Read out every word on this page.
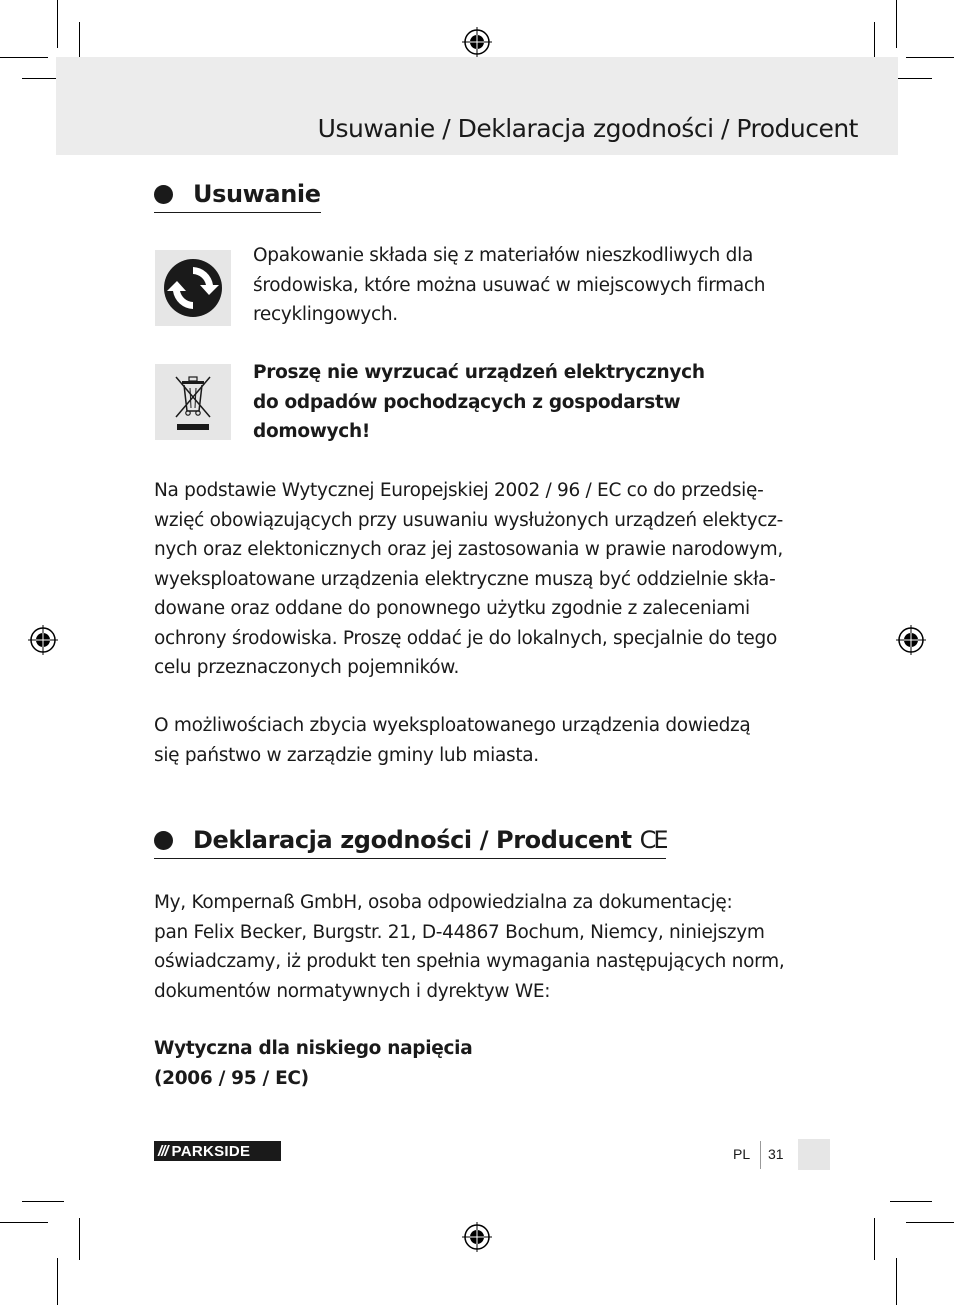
Usuwanie / Deklaracja zgodności / Producent
Usuwanie

Opakowanie składa się z materiałów nieszkodliwych dla
środowiska, które można usuwać w miejscowych firmach
recyklingowych.

Proszę nie wyrzucać urządzeń elektrycznych
do odpadów pochodzących z gospodarstw
domowych!

Na podstawie Wytycznej Europejskiej 2002 / 96 / EC co do przedsię-
wzięć obowiązujących przy usuwaniu wysłużonych urządzeń elektycz-
nych oraz elektonicznych oraz jej zastosowania w prawie narodowym,
wyeksploatowane urządzenia elektryczne muszą być oddzielnie skła-
dowane oraz oddane do ponownego użytku zgodnie z zaleceniami
ochrony środowiska. Proszę oddać je do lokalnych, specjalnie do tego
celu przeznaczonych pojemników.

O możliwościach zbycia wyeksploatowanego urządzenia dowiedzą
się państwo w zarządzie gminy lub miasta.

Deklaracja zgodności / Producent CE

My, Kompernaß GmbH, osoba odpowiedzialna za dokumentację:
pan Felix Becker, Burgstr. 21, D-44867 Bochum, Niemcy, niniejszym
oświadczamy, iż produkt ten spełnia wymagania następujących norm,
dokumentów normatywnych i dyrektyw WE:

Wytyczna dla niskiego napięcia
(2006 / 95 / EC)

/// PARKSIDE	PL 31
